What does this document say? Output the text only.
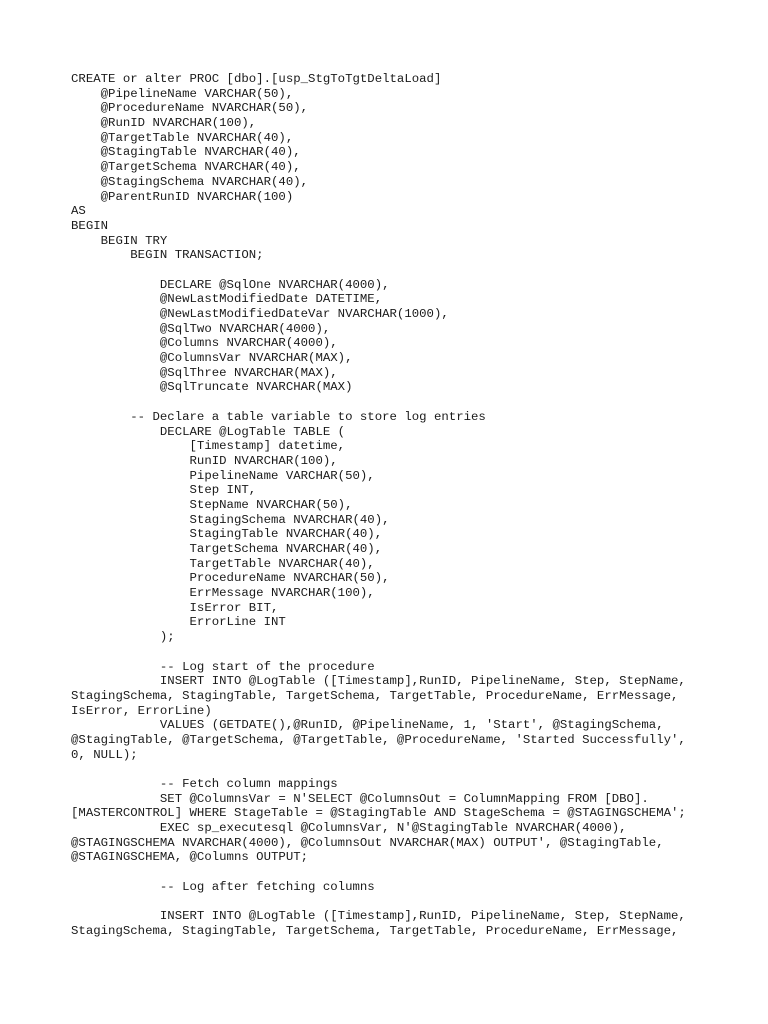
CREATE or alter PROC [dbo].[usp_StgToTgtDeltaLoad]
@PipelineName VARCHAR(50),
@ProcedureName NVARCHAR(50),
@RunID NVARCHAR(100),
@TargetTable NVARCHAR(40),
@StagingTable NVARCHAR(40),
@TargetSchema NVARCHAR(40),
@StagingSchema NVARCHAR(40),
@ParentRunID NVARCHAR(100)
AS
BEGIN
BEGIN TRY
BEGIN TRANSACTION;
DECLARE @SqlOne NVARCHAR(4000),
@NewLastModifiedDate DATETIME,
@NewLastModifiedDateVar NVARCHAR(1000),
@SqlTwo NVARCHAR(4000),
@Columns NVARCHAR(4000),
@ColumnsVar NVARCHAR(MAX),
@SqlThree NVARCHAR(MAX),
@SqlTruncate NVARCHAR(MAX)
-- Declare a table variable to store log entries
DECLARE @LogTable TABLE (
[Timestamp] datetime,
RunID NVARCHAR(100),
PipelineName VARCHAR(50),
Step INT,
StepName NVARCHAR(50),
StagingSchema NVARCHAR(40),
StagingTable NVARCHAR(40),
TargetSchema NVARCHAR(40),
TargetTable NVARCHAR(40),
ProcedureName NVARCHAR(50),
ErrMessage NVARCHAR(100),
IsError BIT,
ErrorLine INT
);
-- Log start of the procedure
INSERT INTO @LogTable ([Timestamp],RunID, PipelineName, Step, StepName,
StagingSchema, StagingTable, TargetSchema, TargetTable, ProcedureName, ErrMessage,
IsError, ErrorLine)
VALUES (GETDATE(),@RunID, @PipelineName, 1, 'Start', @StagingSchema,
@StagingTable, @TargetSchema, @TargetTable, @ProcedureName, 'Started Successfully',
0, NULL);
-- Fetch column mappings
SET @ColumnsVar = N'SELECT @ColumnsOut = ColumnMapping FROM [DBO].
[MASTERCONTROL] WHERE StageTable = @StagingTable AND StageSchema = @STAGINGSCHEMA';
EXEC sp_executesql @ColumnsVar, N'@StagingTable NVARCHAR(4000),
@STAGINGSCHEMA NVARCHAR(4000), @ColumnsOut NVARCHAR(MAX) OUTPUT', @StagingTable,
@STAGINGSCHEMA, @Columns OUTPUT;
-- Log after fetching columns
INSERT INTO @LogTable ([Timestamp],RunID, PipelineName, Step, StepName,
StagingSchema, StagingTable, TargetSchema, TargetTable, ProcedureName, ErrMessage,
